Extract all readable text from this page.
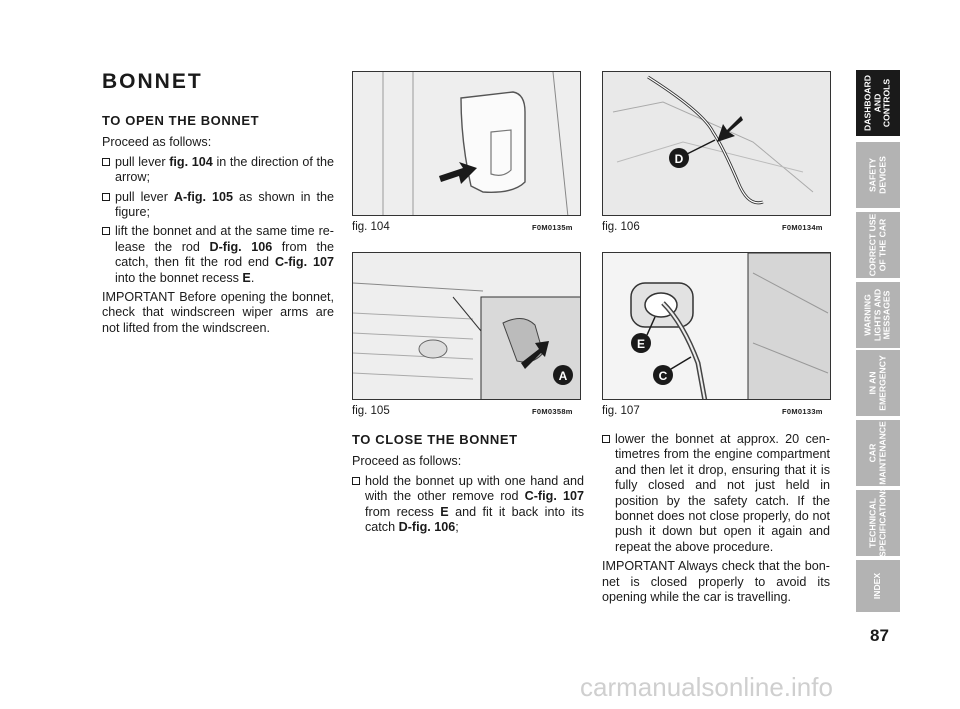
BONNET
TO OPEN THE BONNET

Proceed as follows:

pull lever fig. 104 in the direction of the arrow;
pull lever A-fig. 105 as shown in the figure;
lift the bonnet and at the same time re-lease the rod D-fig. 106 from the catch, then fit the rod end C-fig. 107 into the bonnet recess E.

IMPORTANT Before opening the bonnet, check that windscreen wiper arms are not lifted from the windscreen.

fig. 104	F0M0135m
D
fig. 106	F0M0134m
A
fig. 105	F0M0358m
E
C
fig. 107	F0M0133m
TO CLOSE THE BONNET

Proceed as follows:

hold the bonnet up with one hand and with the other remove rod C-fig. 107 from recess E and fit it back into its catch D-fig. 106;
lower the bonnet at approx. 20 cen-timetres from the engine compartment and then let it drop, ensuring that it is fully closed and not just held in position by the safety catch. If the bonnet does not close properly, do not push it down but open it again and repeat the above procedure.

IMPORTANT Always check that the bon-net is closed properly to avoid its opening while the car is travelling.

DASHBOARD
AND CONTROLS
SAFETY
DEVICES
CORRECT USE
OF THE CAR
WARNING
LIGHTS AND
MESSAGES
IN AN
EMERGENCY
CAR
MAINTENANCE
TECHNICAL
SPECIFICATIONS
INDEX
87
carmanualsonline.info
